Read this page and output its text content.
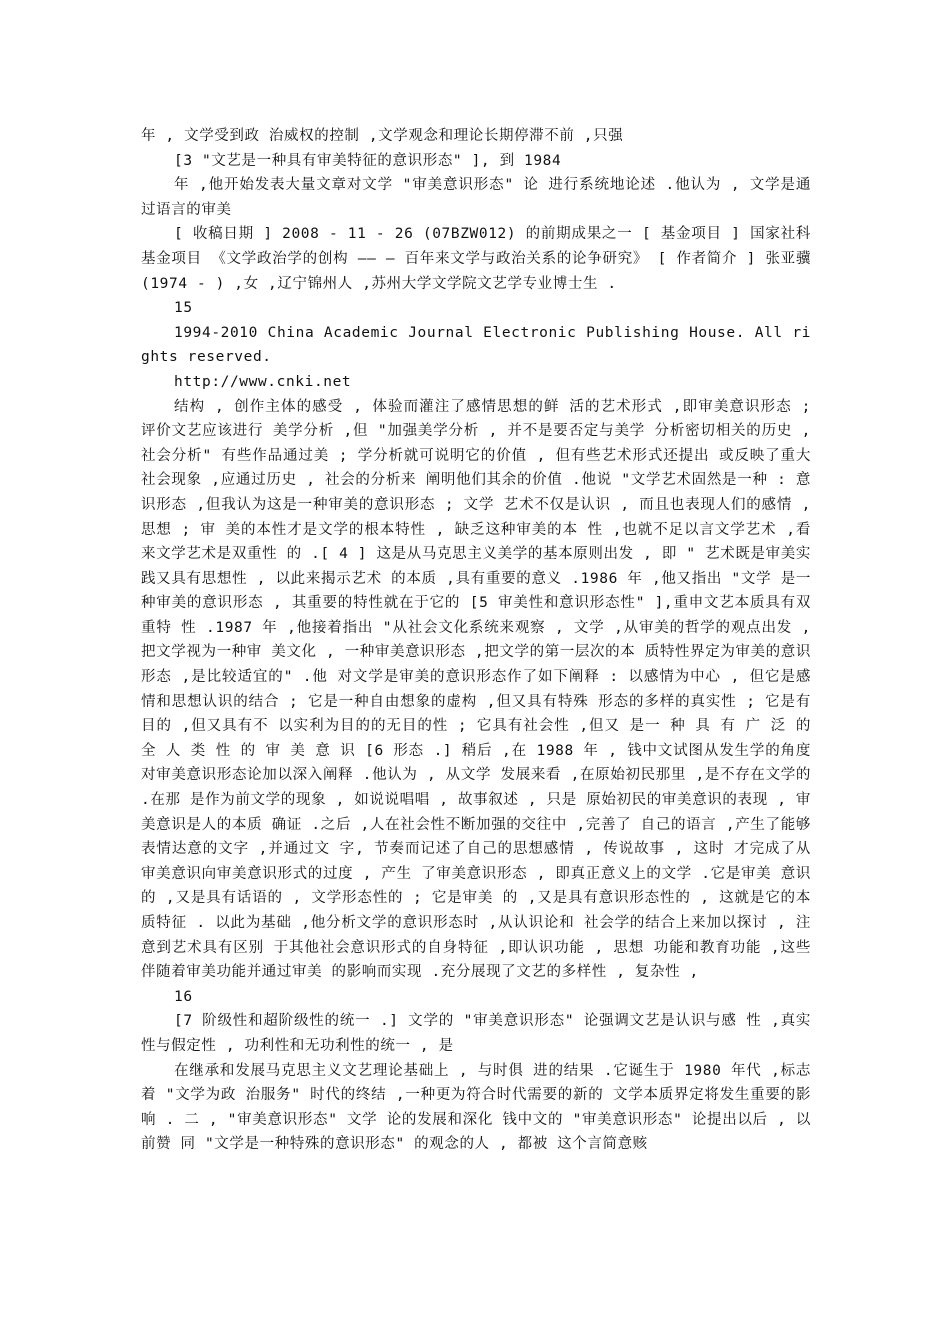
年 , 文学受到政 治威权的控制 ,文学观念和理论长期停滞不前 ,只强

[3 "文艺是一种具有审美特征的意识形态" ], 到 1984

年 ,他开始发表大量文章对文学 "审美意识形态" 论 进行系统地论述 .他认为 , 文学是通过语言的审美

[ 收稿日期 ] 2008 - 11 - 26 (07BZW012) 的前期成果之一 [ 基金项目 ] 国家社科基金项目 《文学政治学的创构 —— — 百年来文学与政治关系的论争研究》 [ 作者简介 ] 张亚骥 (1974 - ) ,女 ,辽宁锦州人 ,苏州大学文学院文艺学专业博士生 .

15

1994-2010 China Academic Journal Electronic Publishing House. All rights reserved.

http://www.cnki.net

结构 , 创作主体的感受 , 体验而灌注了感情思想的鲜 活的艺术形式 ,即审美意识形态 ; 评价文艺应该进行 美学分析 ,但 "加强美学分析 , 并不是要否定与美学 分析密切相关的历史 , 社会分析" 有些作品通过美 ; 学分析就可说明它的价值 , 但有些艺术形式还提出 或反映了重大社会现象 ,应通过历史 , 社会的分析来 阐明他们其余的价值 .他说 "文学艺术固然是一种 : 意识形态 ,但我认为这是一种审美的意识形态 ; 文学 艺术不仅是认识 , 而且也表现人们的感情 , 思想 ; 审 美的本性才是文学的根本特性 , 缺乏这种审美的本 性 ,也就不足以言文学艺术 ,看来文学艺术是双重性 的 .[ 4 ] 这是从马克思主义美学的基本原则出发 , 即 " 艺术既是审美实践又具有思想性 , 以此来揭示艺术 的本质 ,具有重要的意义 .1986 年 ,他又指出 "文学 是一种审美的意识形态 , 其重要的特性就在于它的 [5 审美性和意识形态性" ],重申文艺本质具有双重特 性 .1987 年 ,他接着指出 "从社会文化系统来观察 , 文学 ,从审美的哲学的观点出发 ,把文学视为一种审 美文化 , 一种审美意识形态 ,把文学的第一层次的本 质特性界定为审美的意识形态 ,是比较适宜的" .他 对文学是审美的意识形态作了如下阐释 : 以感情为中心 , 但它是感情和思想认识的结合 ; 它是一种自由想象的虚构 ,但又具有特殊 形态的多样的真实性 ; 它是有目的 ,但又具有不 以实利为目的的无目的性 ; 它具有社会性 ,但又 是一 种 具 有 广 泛 的 全 人 类 性 的 审 美 意 识 [6 形态 .] 稍后 ,在 1988 年 , 钱中文试图从发生学的角度对审美意识形态论加以深入阐释 .他认为 , 从文学 发展来看 ,在原始初民那里 ,是不存在文学的 .在那 是作为前文学的现象 , 如说说唱唱 , 故事叙述 , 只是 原始初民的审美意识的表现 , 审美意识是人的本质 确证 .之后 ,人在社会性不断加强的交往中 ,完善了 自己的语言 ,产生了能够表情达意的文字 ,并通过文 字, 节奏而记述了自己的思想感情 , 传说故事 , 这时 才完成了从审美意识向审美意识形式的过度 , 产生 了审美意识形态 , 即真正意义上的文学 .它是审美 意识的 ,又是具有话语的 , 文学形态性的 ; 它是审美 的 ,又是具有意识形态性的 , 这就是它的本质特征 . 以此为基础 ,他分析文学的意识形态时 ,从认识论和 社会学的结合上来加以探讨 , 注意到艺术具有区别 于其他社会意识形式的自身特征 ,即认识功能 , 思想 功能和教育功能 ,这些伴随着审美功能并通过审美 的影响而实现 .充分展现了文艺的多样性 , 复杂性 ,

16

[7 阶级性和超阶级性的统一 .] 文学的 "审美意识形态" 论强调文艺是认识与感 性 ,真实性与假定性 , 功利性和无功利性的统一 , 是

在继承和发展马克思主义文艺理论基础上 , 与时俱 进的结果 .它诞生于 1980 年代 ,标志着 "文学为政 治服务" 时代的终结 ,一种更为符合时代需要的新的 文学本质界定将发生重要的影响 . 二 , "审美意识形态" 文学 论的发展和深化 钱中文的 "审美意识形态" 论提出以后 , 以前赞 同 "文学是一种特殊的意识形态" 的观念的人 , 都被 这个言简意赅
